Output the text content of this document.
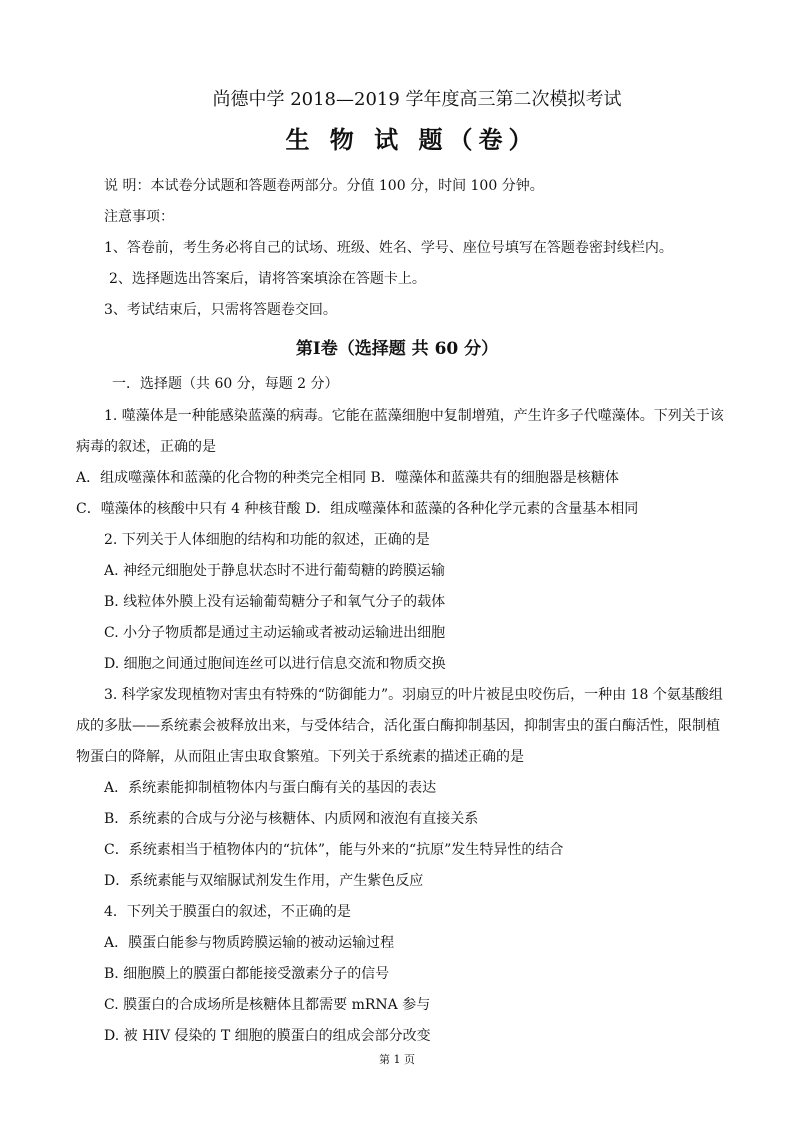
尚德中学 2018—2019 学年度高三第二次模拟考试
生 物 试 题（卷）
说 明：本试卷分试题和答题卷两部分。分值 100 分，时间 100 分钟。
注意事项：
1、答卷前，考生务必将自己的试场、班级、姓名、学号、座位号填写在答题卷密封线栏内。
2、选择题选出答案后，请将答案填涂在答题卡上。
3、考试结束后，只需将答题卷交回。
第Ⅰ卷（选择题 共 60 分）
一．选择题（共 60 分，每题 2 分）
1. 噬藻体是一种能感染蓝藻的病毒。它能在蓝藻细胞中复制增殖，产生许多子代噬藻体。下列关于该
病毒的叙述，正确的是
A．组成噬藻体和蓝藻的化合物的种类完全相同 B．噬藻体和蓝藻共有的细胞器是核糖体
C．噬藻体的核酸中只有 4 种核苷酸 D．组成噬藻体和蓝藻的各种化学元素的含量基本相同
2. 下列关于人体细胞的结构和功能的叙述，正确的是
A. 神经元细胞处于静息状态时不进行葡萄糖的跨膜运输
B. 线粒体外膜上没有运输葡萄糖分子和氧气分子的载体
C. 小分子物质都是通过主动运输或者被动运输进出细胞
D. 细胞之间通过胞间连丝可以进行信息交流和物质交换
3. 科学家发现植物对害虫有特殊的“防御能力”。羽扇豆的叶片被昆虫咬伤后，一种由 18 个氨基酸组
成的多肽——系统素会被释放出来，与受体结合，活化蛋白酶抑制基因，抑制害虫的蛋白酶活性，限制植
物蛋白的降解，从而阻止害虫取食繁殖。下列关于系统素的描述正确的是
A．系统素能抑制植物体内与蛋白酶有关的基因的表达
B．系统素的合成与分泌与核糖体、内质网和液泡有直接关系
C．系统素相当于植物体内的“抗体”，能与外来的“抗原”发生特异性的结合
D．系统素能与双缩脲试剂发生作用，产生紫色反应
4．下列关于膜蛋白的叙述，不正确的是
A．膜蛋白能参与物质跨膜运输的被动运输过程
B. 细胞膜上的膜蛋白都能接受激素分子的信号
C. 膜蛋白的合成场所是核糖体且都需要 mRNA 参与
D. 被 HIV 侵染的 T 细胞的膜蛋白的组成会部分改变
第 1 页
